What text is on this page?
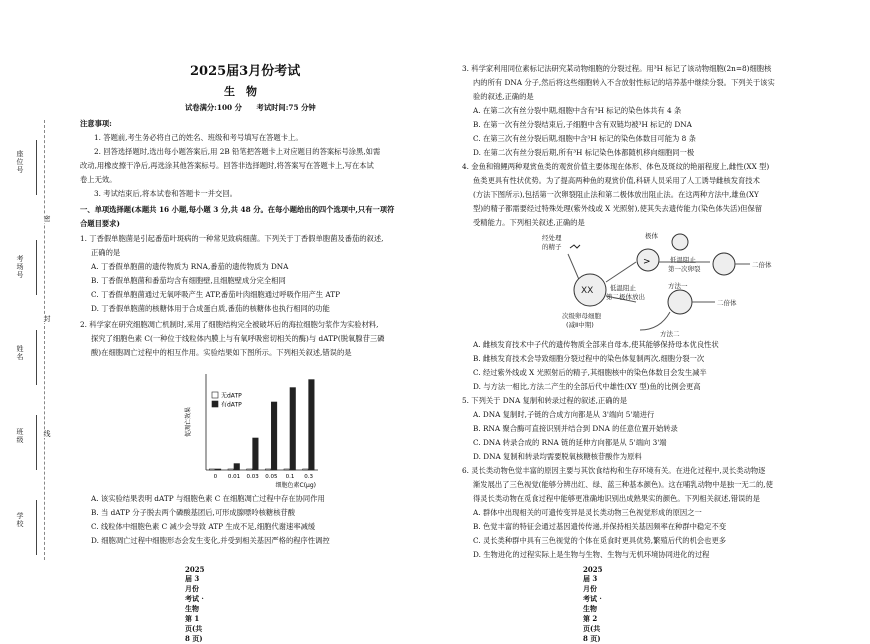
座位号
考场号
姓名
班级
学校
密
封
线
2025届3月份考试
生　物
试卷满分:100 分　　考试时间:75 分钟
注意事项:
1. 答题前,考生务必将自己的姓名、班级和考号填写在答题卡上。
2. 回答选择题时,选出每小题答案后,用 2B 铅笔把答题卡上对应题目的答案标号涂黑,如需
改动,用橡皮擦干净后,再选涂其他答案标号。回答非选择题时,将答案写在答题卡上,写在本试
卷上无效。
3. 考试结束后,将本试卷和答题卡一并交回。
一、单项选择题(本题共 16 小题,每小题 3 分,共 48 分。在每小题给出的四个选项中,只有一项符
合题目要求)
1. 丁香假单胞菌是引起番茄叶斑病的一种常见致病细菌。下列关于丁香假单胞菌及番茄的叙述,
正确的是
A. 丁香假单胞菌的遗传物质为 RNA,番茄的遗传物质为 DNA
B. 丁香假单胞菌和番茄均含有细胞壁,且细胞壁成分完全相同
C. 丁香假单胞菌通过无氧呼吸产生 ATP,番茄叶肉细胞通过呼吸作用产生 ATP
D. 丁香假单胞菌的核糖体用于合成蛋白质,番茄的核糖体也执行相同的功能
2. 科学家在研究细胞凋亡机制时,采用了细胞结构完全被破坏后的海拉细胞匀浆作为实验材料,
探究了细胞色素 C(一种位于线粒体内膜上与有氧呼吸密切相关的酶)与 dATP(脱氧腺苷三磷
酸)在细胞凋亡过程中的相互作用。实验结果如下图所示。下列相关叙述,错误的是
促凋亡效果
细胞色素C(μg)
0 0.01 0.03 0.05 0.1 0.3
无dATP
有dATP
A. 该实验结果表明 dATP 与细胞色素 C 在细胞凋亡过程中存在协同作用
B. 当 dATP 分子脱去两个磷酸基团后,可形成腺嘌呤核糖核苷酸
C. 线粒体中细胞色素 C 减少会导致 ATP 生成不足,细胞代谢速率减缓
D. 细胞凋亡过程中细胞形态会发生变化,并受到相关基因严格的程序性调控
2025 届 3 月份考试 · 生物　第 1 页(共 8 页)
3. 科学家利用同位素标记法研究某动物细胞的分裂过程。用³H 标记了该动物细胞(2n=8)细胞核
内的所有 DNA 分子,然后将这些细胞转入不含放射性标记的培养基中继续分裂。下列关于该实
验的叙述,正确的是
A. 在第二次有丝分裂中期,细胞中含有³H 标记的染色体共有 4 条
B. 在第一次有丝分裂结束后,子细胞中含有双链均被³H 标记的 DNA
C. 在第三次有丝分裂后期,细胞中含³H 标记的染色体数目可能为 8 条
D. 在第二次有丝分裂后期,所有³H 标记染色体都随机移向细胞同一极
4. 金鱼和锦鲤两种观赏鱼类的观赏价值主要体现在体形、体色及斑纹的艳丽程度上,雌性(XX 型)
鱼类更具有性状优势。为了提高两种鱼的观赏价值,科研人员采用了人工诱导雌核发育技术
(方法下图所示),包括第一次卵裂阻止法和第二极体放出阻止法。在这两种方法中,雄鱼(XY
型)的精子都需要经过特殊处理(紫外线或 X 光照射),使其失去遗传能力(染色体失活)但保留
受精能力。下列相关叙述,正确的是
经处理
的精子
XX
次级卵母细胞
(减Ⅱ中期)
极体
>	低温阻止
第一次卵裂	二倍体
低温阻止
第二极体放出
方法一
二倍体
方法二
A. 雌核发育技术中子代的遗传物质全部来自母本,使其能够保持母本优良性状
B. 雌核发育技术会导致细胞分裂过程中的染色体复制两次,细胞分裂一次
C. 经过紫外线或 X 光照射后的精子,其细胞核中的染色体数目会发生减半
D. 与方法一相比,方法二产生的全部后代中雄性(XY 型)鱼的比例会更高
5. 下列关于 DNA 复制和转录过程的叙述,正确的是
A. DNA 复制时,子链的合成方向都是从 3'端向 5'端进行
B. RNA 聚合酶可直接识别并结合到 DNA 的任意位置开始转录
C. DNA 转录合成的 RNA 链的延伸方向都是从 5'端向 3'端
D. DNA 复制和转录均需要脱氧核糖核苷酸作为原料
6. 灵长类动物色觉丰富的原因主要与其饮食结构和生存环境有关。在进化过程中,灵长类动物逐
渐发展出了三色视觉(能够分辨出红、绿、蓝三种基本颜色)。这在哺乳动物中是独一无二的,使
得灵长类动物在觅食过程中能够更准确地识别出成熟果实的颜色。下列相关叙述,错误的是
A. 群体中出现相关的可遗传变异是灵长类动物三色视觉形成的原因之一
B. 色觉丰富的特征会通过基因遗传传递,并保持相关基因频率在种群中稳定不变
C. 灵长类种群中具有三色视觉的个体在觅食时更具优势,繁殖后代的机会也更多
D. 生物进化的过程实际上是生物与生物、生物与无机环境协同进化的过程
2025 届 3 月份考试 · 生物　第 2 页(共 8 页)
